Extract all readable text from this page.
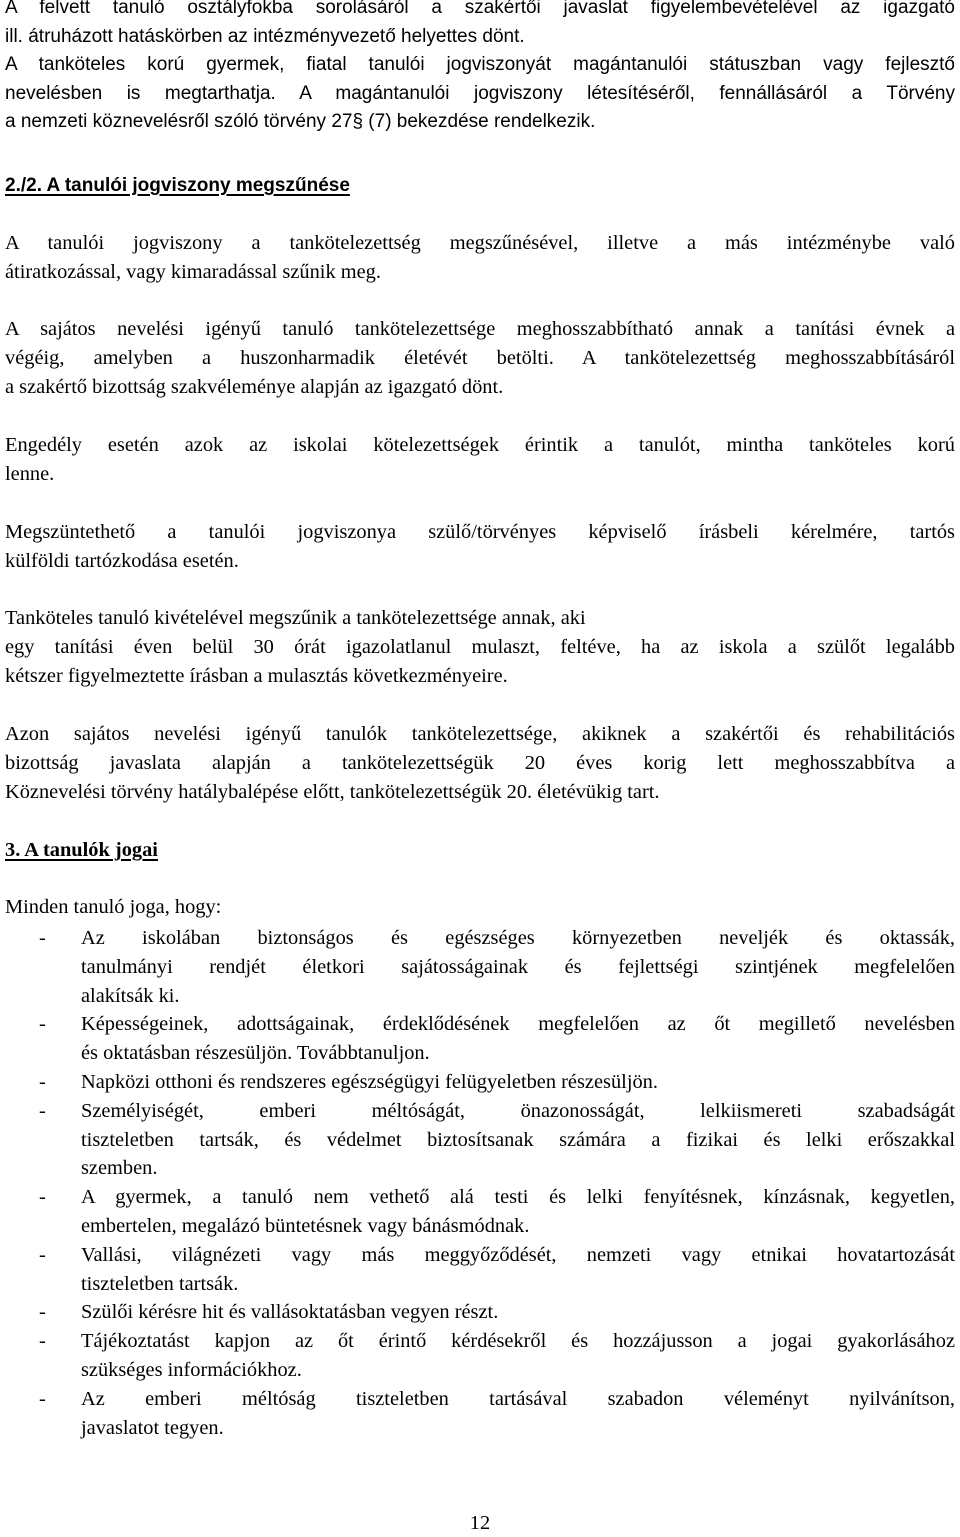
A felvett tanuló osztályfokba sorolásáról a szakértői javaslat figyelembevételével az igazgató
ill. átruházott hatáskörben az intézményvezető helyettes dönt.

A tanköteles korú gyermek, fiatal tanulói jogviszonyát magántanulói státuszban vagy fejlesztő
nevelésben is megtarthatja. A magántanulói jogviszony létesítéséről, fennállásáról a Törvény
a nemzeti köznevelésről szóló törvény 27§ (7) bekezdése rendelkezik.

2./2. A tanulói jogviszony megszűnése

A tanulói jogviszony a tankötelezettség megszűnésével, illetve a más intézménybe való
átiratkozással, vagy kimaradással szűnik meg.

A sajátos nevelési igényű tanuló tankötelezettsége meghosszabbítható annak a tanítási évnek a
végéig, amelyben a huszonharmadik életévét betölti. A tankötelezettség meghosszabbításáról
a szakértő bizottság szakvéleménye alapján az igazgató dönt.

Engedély esetén azok az iskolai kötelezettségek érintik a tanulót, mintha tanköteles korú
lenne.

Megszüntethető a tanulói jogviszonya szülő/törvényes képviselő írásbeli kérelmére, tartós
külföldi tartózkodása esetén.

Tanköteles tanuló kivételével megszűnik a tankötelezettsége annak, aki
egy tanítási éven belül 30 órát igazolatlanul mulaszt, feltéve, ha az iskola a szülőt legalább
kétszer figyelmeztette írásban a mulasztás következményeire.

Azon sajátos nevelési igényű tanulók tankötelezettsége, akiknek a szakértői és rehabilitációs
bizottság javaslata alapján a tankötelezettségük 20 éves korig lett meghosszabbítva a
Köznevelési törvény hatálybalépése előtt, tankötelezettségük 20. életévükig tart.

3. A tanulók jogai

Minden tanuló joga, hogy:

- Az iskolában biztonságos és egészséges környezetben neveljék és oktassák,
tanulmányi rendjét életkori sajátosságainak és fejlettségi szintjének megfelelően
alakítsák ki.
- Képességeinek, adottságainak, érdeklődésének megfelelően az őt megillető nevelésben
és oktatásban részesüljön. Továbbtanuljon.
- Napközi otthoni és rendszeres egészségügyi felügyeletben részesüljön.
- Személyiségét, emberi méltóságát, önazonosságát, lelkiismereti szabadságát
tiszteletben tartsák, és védelmet biztosítsanak számára a fizikai és lelki erőszakkal
szemben.
- A gyermek, a tanuló nem vethető alá testi és lelki fenyítésnek, kínzásnak, kegyetlen,
embertelen, megalázó büntetésnek vagy bánásmódnak.
- Vallási, világnézeti vagy más meggyőződését, nemzeti vagy etnikai hovatartozását
tiszteletben tartsák.
- Szülői kérésre hit és vallásoktatásban vegyen részt.
- Tájékoztatást kapjon az őt érintő kérdésekről és hozzájusson a jogai gyakorlásához
szükséges információkhoz.
- Az emberi méltóság tiszteletben tartásával szabadon véleményt nyilvánítson,
javaslatot tegyen.
12
